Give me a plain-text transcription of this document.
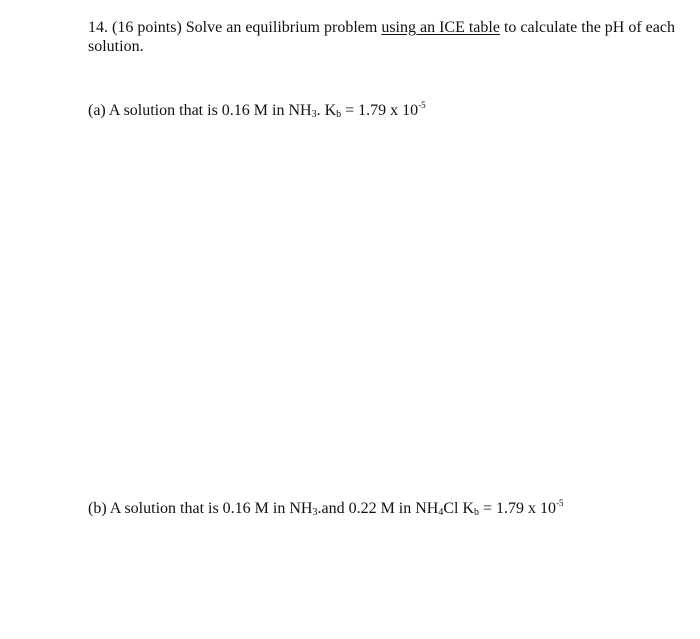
14. (16 points) Solve an equilibrium problem using an ICE table to calculate the pH of each solution.
(a) A solution that is 0.16 M in $NH_3$. $K_b = 1.79$ x $10^{-5}$
(b) A solution that is 0.16 M in $NH_3.and$ 0.22 M in $NH_4Cl$ $K_b = 1.79$ x $10^{-5}$
